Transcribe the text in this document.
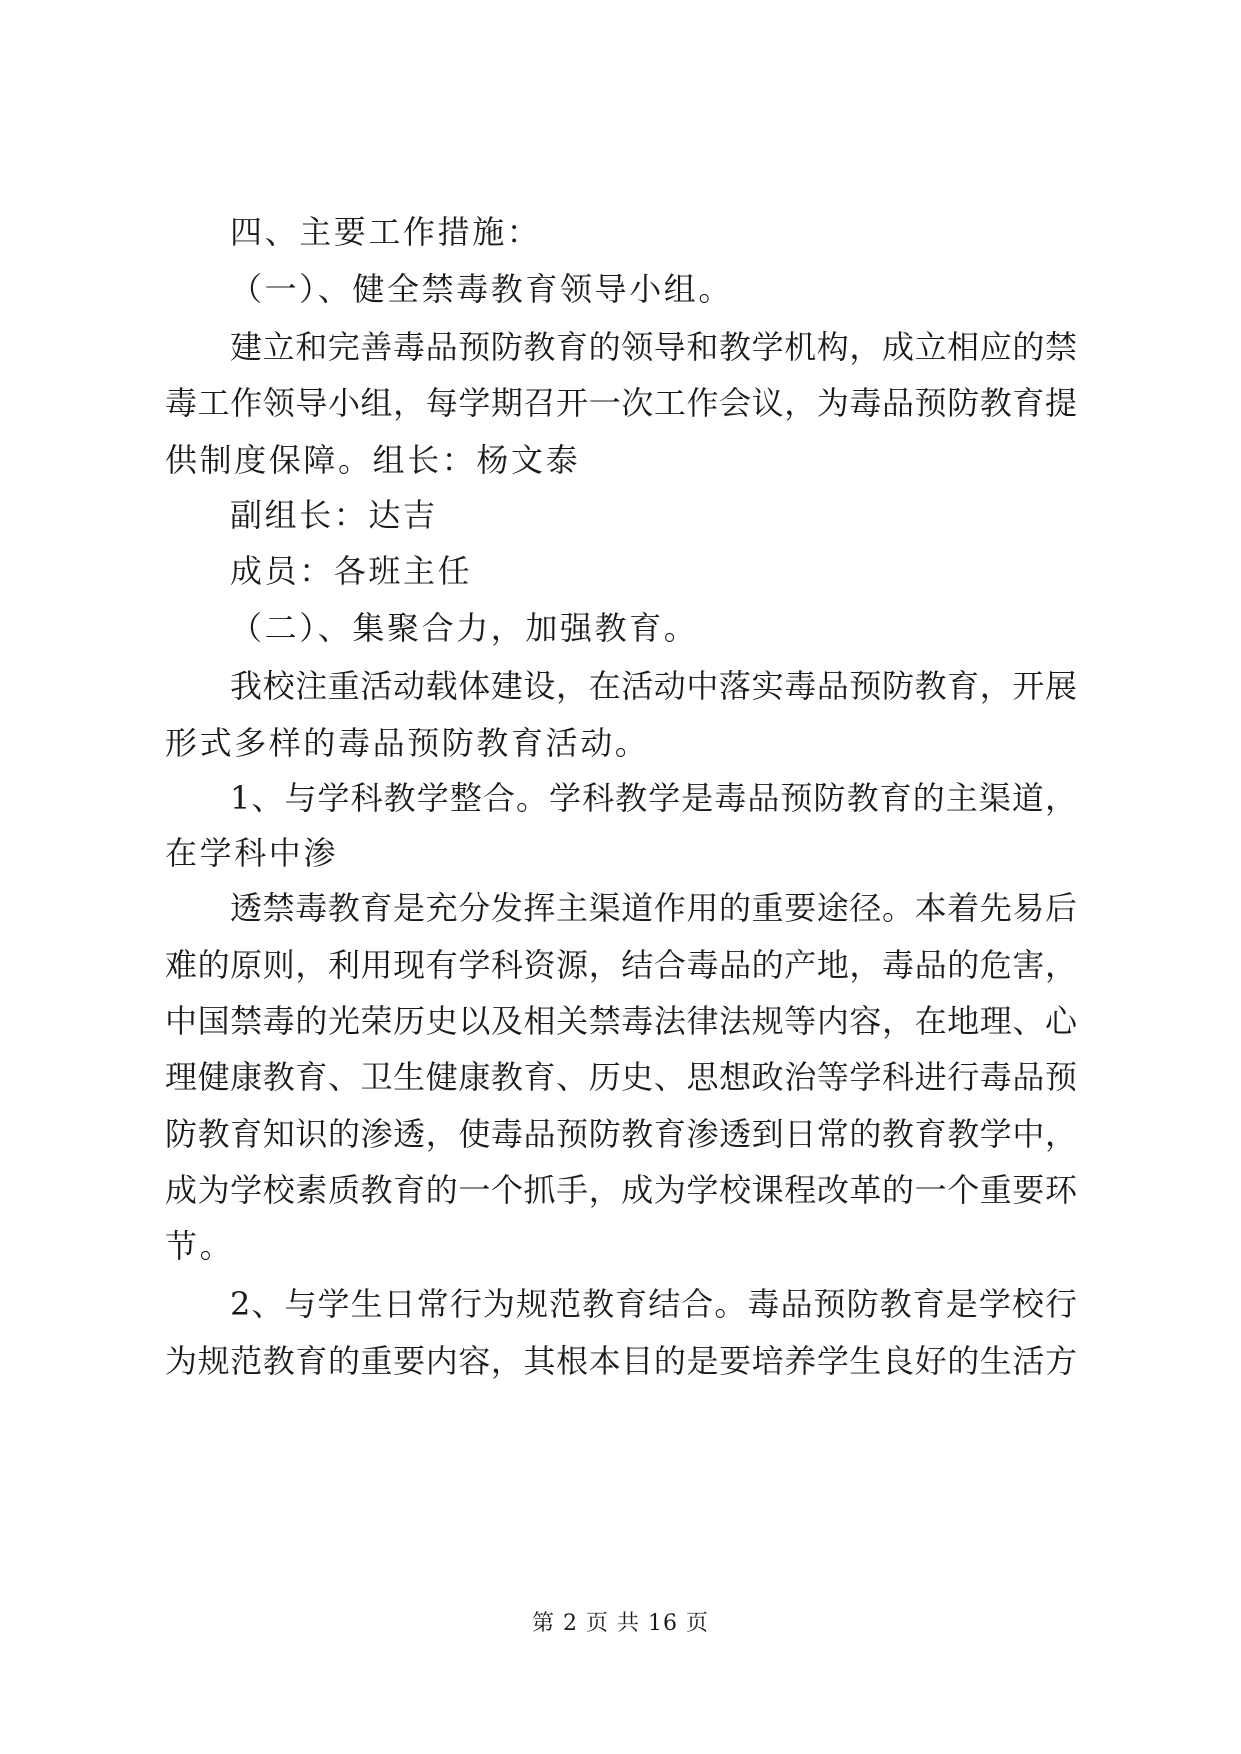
四、主要工作措施：
（一）、健全禁毒教育领导小组。
建立和完善毒品预防教育的领导和教学机构，成立相应的禁
毒工作领导小组，每学期召开一次工作会议，为毒品预防教育提
供制度保障。组长：杨文泰
副组长：达吉
成员：各班主任
（二）、集聚合力，加强教育。
我校注重活动载体建设，在活动中落实毒品预防教育，开展
形式多样的毒品预防教育活动。
1、与学科教学整合。学科教学是毒品预防教育的主渠道，
在学科中渗
透禁毒教育是充分发挥主渠道作用的重要途径。本着先易后
难的原则，利用现有学科资源，结合毒品的产地，毒品的危害，
中国禁毒的光荣历史以及相关禁毒法律法规等内容，在地理、心
理健康教育、卫生健康教育、历史、思想政治等学科进行毒品预
防教育知识的渗透，使毒品预防教育渗透到日常的教育教学中，
成为学校素质教育的一个抓手，成为学校课程改革的一个重要环
节。
2、与学生日常行为规范教育结合。毒品预防教育是学校行
为规范教育的重要内容，其根本目的是要培养学生良好的生活方
第 2 页 共 16 页
